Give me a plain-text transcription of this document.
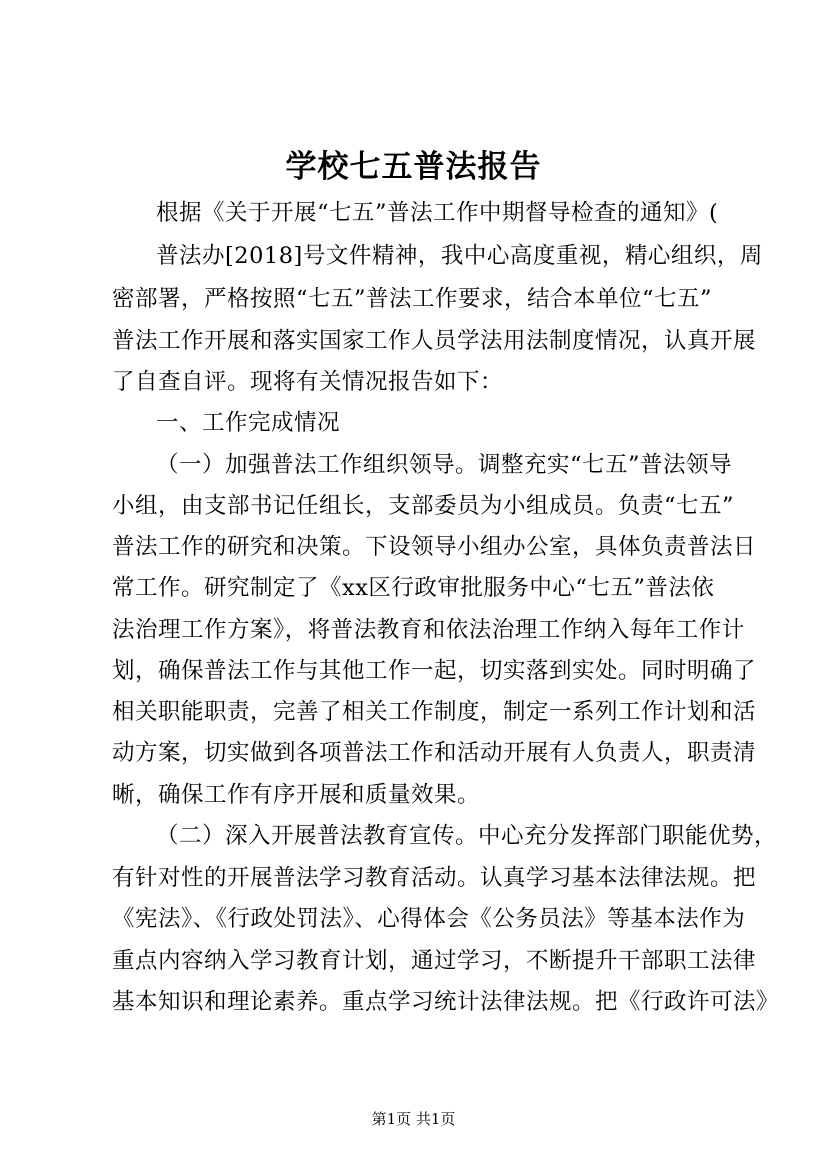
学校七五普法报告
根据《关于开展“七五”普法工作中期督导检查的通知》(
普法办[2018]号文件精神，我中心高度重视，精心组织，周
密部署，严格按照“七五”普法工作要求，结合本单位“七五”
普法工作开展和落实国家工作人员学法用法制度情况，认真开展
了自查自评。现将有关情况报告如下：
一、工作完成情况
（一）加强普法工作组织领导。调整充实“七五”普法领导
小组，由支部书记任组长，支部委员为小组成员。负责“七五”
普法工作的研究和决策。下设领导小组办公室，具体负责普法日
常工作。研究制定了《xx区行政审批服务中心“七五”普法依
法治理工作方案》，将普法教育和依法治理工作纳入每年工作计
划，确保普法工作与其他工作一起，切实落到实处。同时明确了
相关职能职责，完善了相关工作制度，制定一系列工作计划和活
动方案，切实做到各项普法工作和活动开展有人负责人，职责清
晰，确保工作有序开展和质量效果。
（二）深入开展普法教育宣传。中心充分发挥部门职能优势，
有针对性的开展普法学习教育活动。认真学习基本法律法规。把
《宪法》、《行政处罚法》、心得体会《公务员法》等基本法作为
重点内容纳入学习教育计划，通过学习，不断提升干部职工法律
基本知识和理论素养。重点学习统计法律法规。把《行政许可法》
第1页 共1页
